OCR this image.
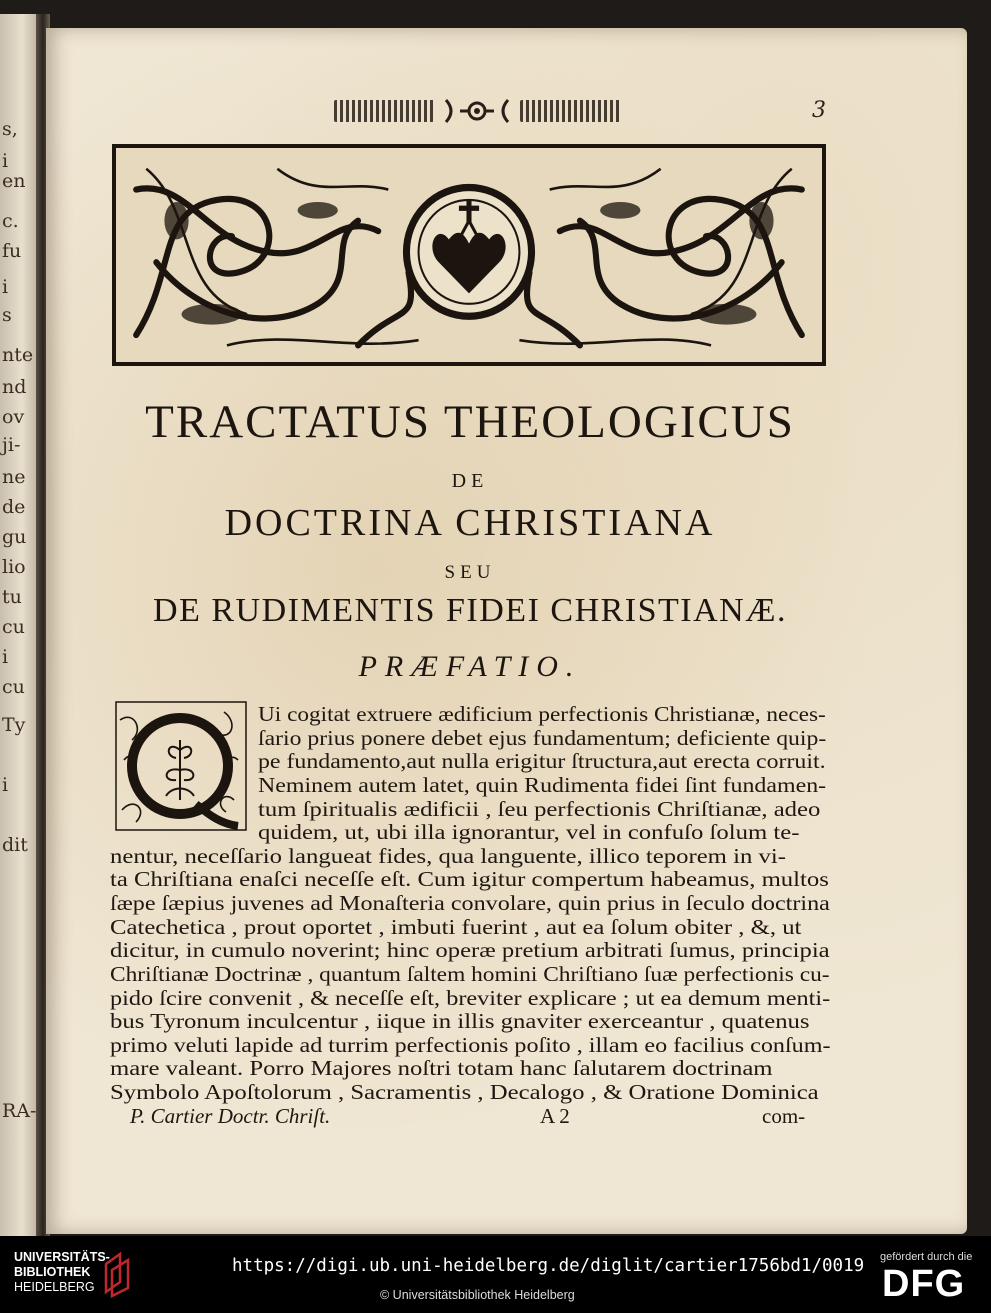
s,
i
en
c.
fu
i
s
nte
nd
ov
ji-
ne
de
gu
lio
tu
cu
i
cu
Ty
i
dit
RA-
3
TRACTATUS THEOLOGICUS
DE
DOCTRINA CHRISTIANA
SEU
DE RUDIMENTIS FIDEI CHRISTIANÆ.
PRÆFATIO.
Ui cogitat extruere ædificium perfectionis Christianæ, neces-
ſario prius ponere debet ejus fundamentum; deficiente quip-
pe fundamento,aut nulla erigitur ſtructura,aut erecta corruit.
Neminem autem latet, quin Rudimenta fidei ſint fundamen-
tum ſpiritualis ædificii , ſeu perfectionis Chriſtianæ, adeo
quidem, ut, ubi illa ignorantur, vel in confuſo ſolum te-
nentur, neceſſario langueat fides, qua languente, illico teporem in vi-
ta Chriſtiana enaſci neceſſe eſt. Cum igitur compertum habeamus, multos
ſæpe ſæpius juvenes ad Monaſteria convolare, quin prius in ſeculo doctrina
Catechetica , prout oportet , imbuti fuerint , aut ea ſolum obiter , &, ut
dicitur, in cumulo noverint; hinc operæ pretium arbitrati ſumus, principia
Chriſtianæ Doctrinæ , quantum ſaltem homini Chriſtiano ſuæ perfectionis cu-
pido ſcire convenit , & neceſſe eſt, breviter explicare ; ut ea demum menti-
bus Tyronum inculcentur , iique in illis gnaviter exerceantur , quatenus
primo veluti lapide ad turrim perfectionis poſito , illam eo facilius conſum-
mare valeant. Porro Majores noſtri totam hanc ſalutarem doctrinam
Symbolo Apoſtolorum , Sacramentis , Decalogo , & Oratione Dominica
P. Cartier Doctr. Chriſt.	A 2	com-
UNIVERSITÄTS-
BIBLIOTHEK
HEIDELBERG
https://digi.ub.uni-heidelberg.de/diglit/cartier1756bd1/0019
© Universitätsbibliothek Heidelberg
gefördert durch die
DFG
